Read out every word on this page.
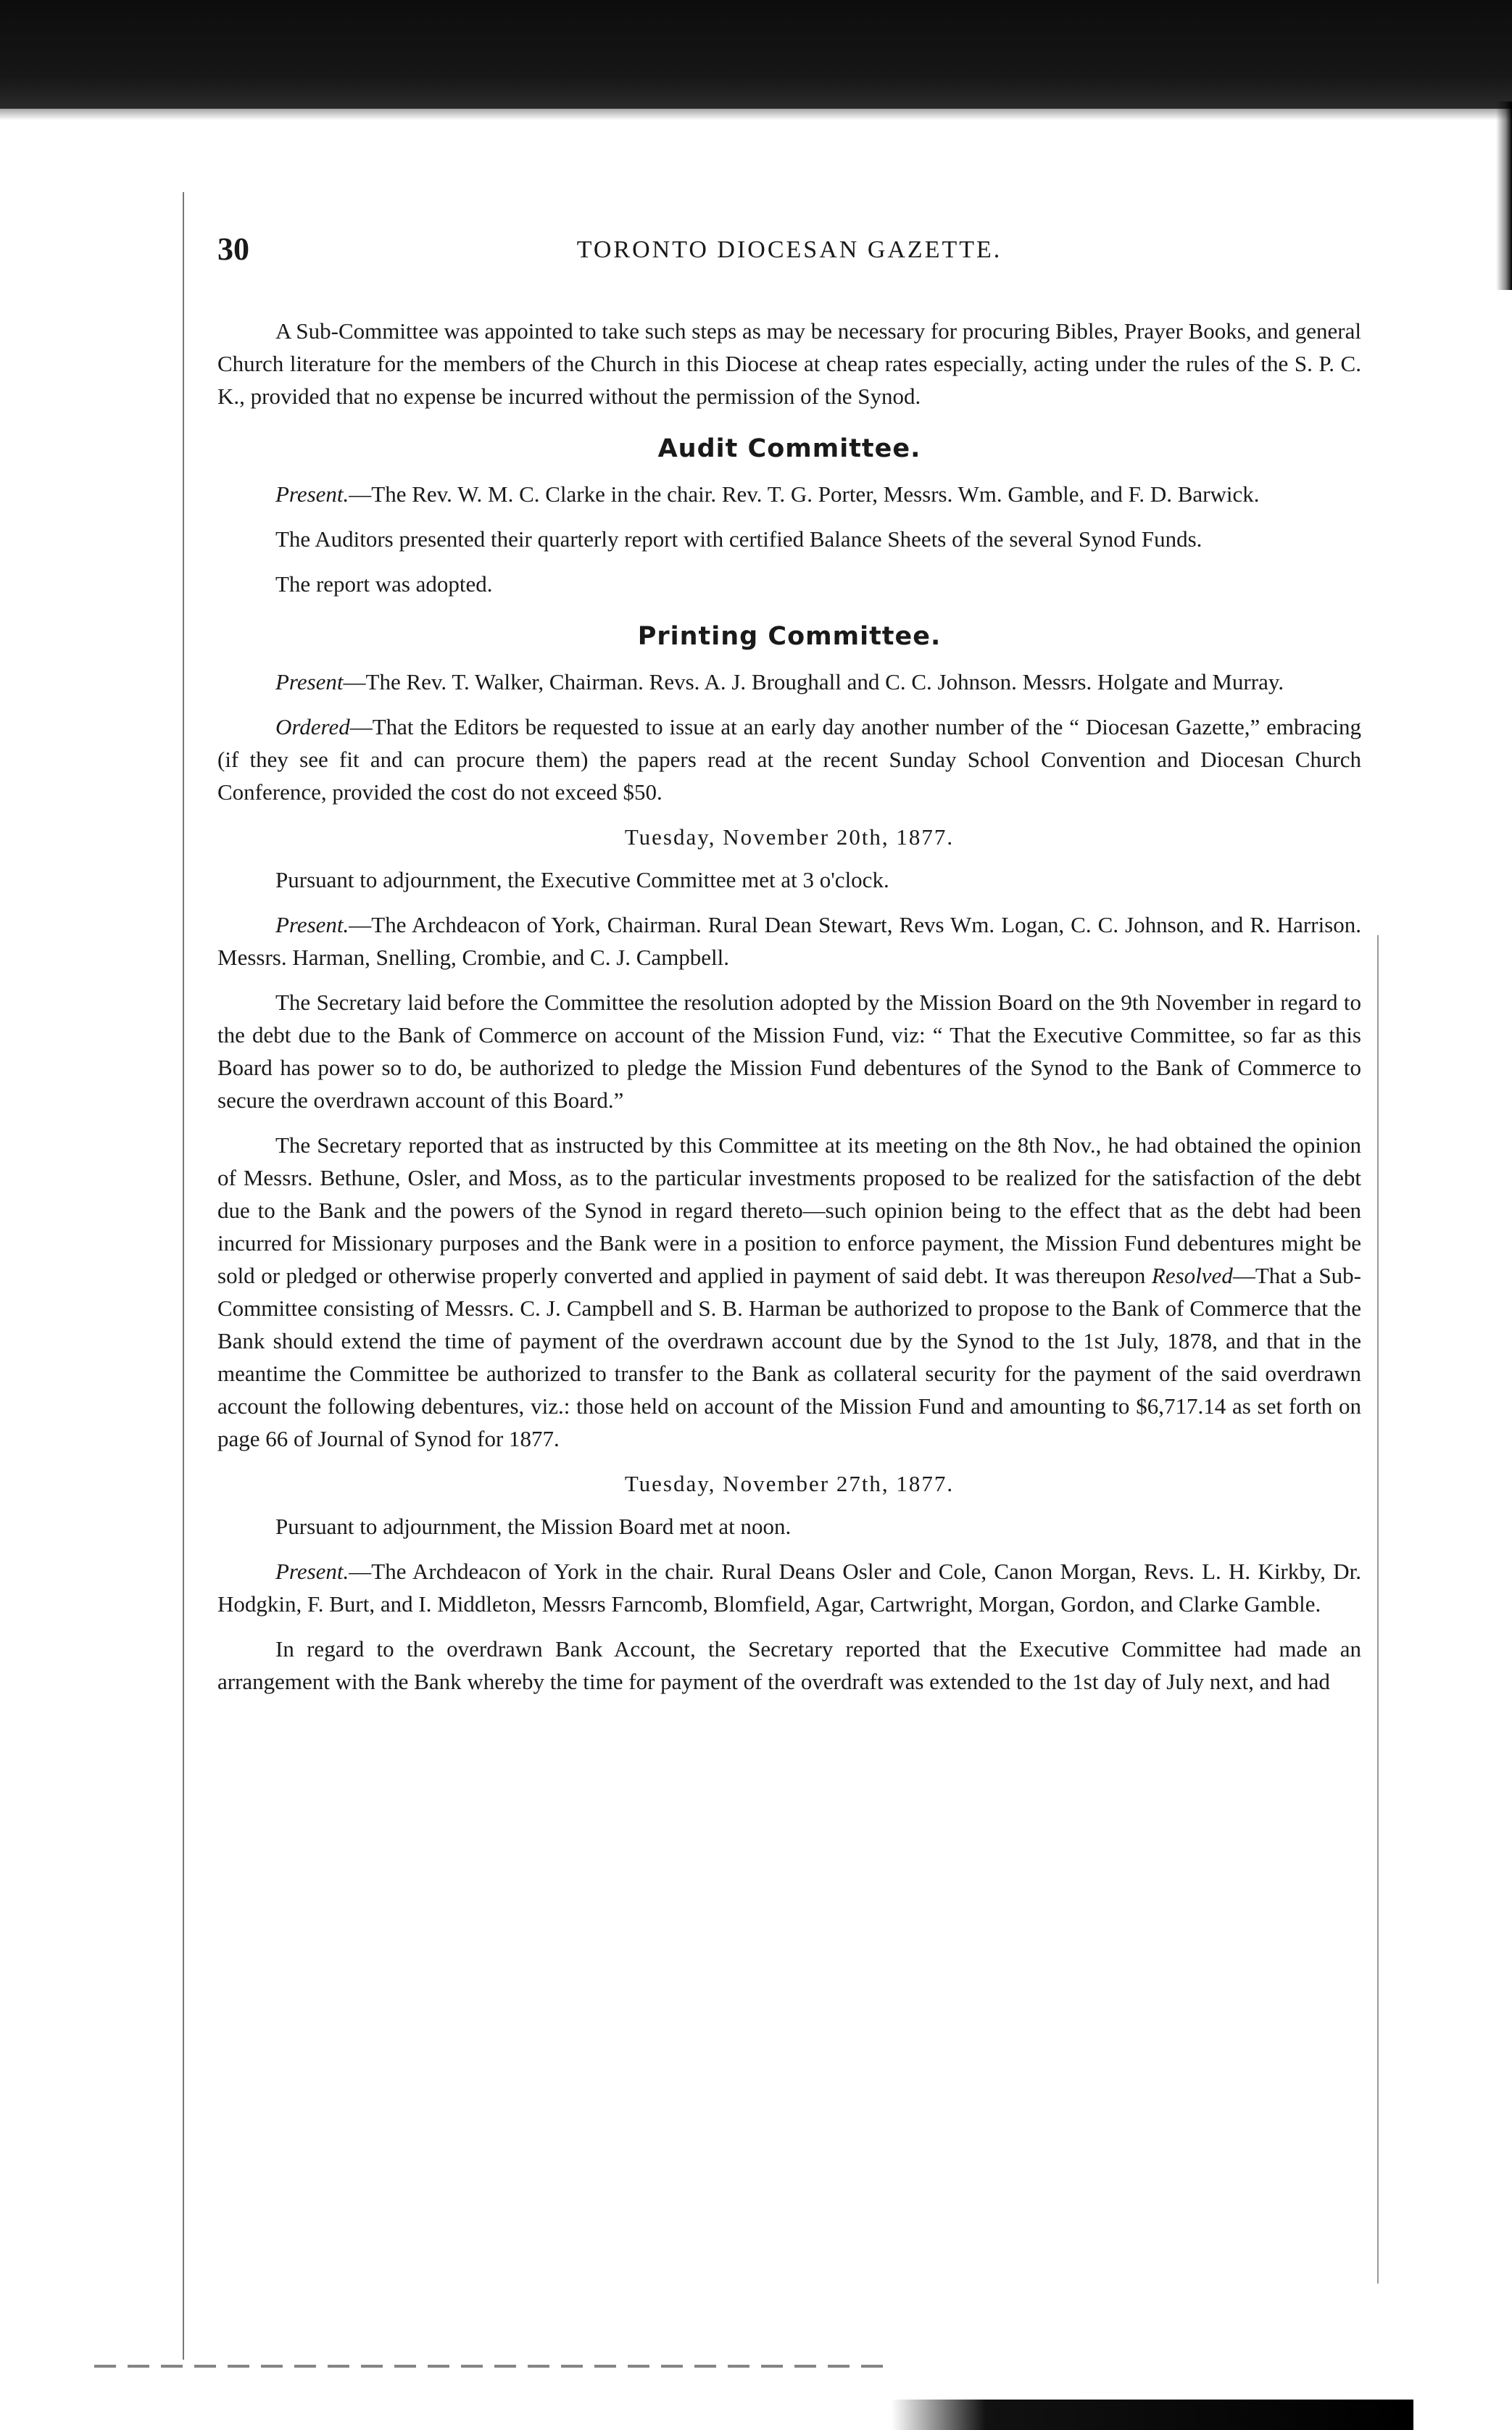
30	TORONTO DIOCESAN GAZETTE.

A Sub-Committee was appointed to take such steps as may be necessary for procuring Bibles, Prayer Books, and general Church literature for the members of the Church in this Diocese at cheap rates especially, acting under the rules of the S. P. C. K., provided that no expense be incurred without the permission of the Synod.

Audit Committee.

Present.—The Rev. W. M. C. Clarke in the chair. Rev. T. G. Porter, Messrs. Wm. Gamble, and F. D. Barwick.

The Auditors presented their quarterly report with certified Balance Sheets of the several Synod Funds.

The report was adopted.

Printing Committee.

Present—The Rev. T. Walker, Chairman. Revs. A. J. Broughall and C. C. Johnson. Messrs. Holgate and Murray.

Ordered—That the Editors be requested to issue at an early day another number of the “ Diocesan Gazette,” embracing (if they see fit and can procure them) the papers read at the recent Sunday School Convention and Diocesan Church Conference, provided the cost do not exceed $50.

Tuesday, November 20th, 1877.

Pursuant to adjournment, the Executive Committee met at 3 o'clock.

Present.—The Archdeacon of York, Chairman. Rural Dean Stewart, Revs Wm. Logan, C. C. Johnson, and R. Harrison. Messrs. Harman, Snelling, Crombie, and C. J. Campbell.

The Secretary laid before the Committee the resolution adopted by the Mission Board on the 9th November in regard to the debt due to the Bank of Commerce on account of the Mission Fund, viz: “ That the Executive Committee, so far as this Board has power so to do, be authorized to pledge the Mission Fund debentures of the Synod to the Bank of Commerce to secure the overdrawn account of this Board.”

The Secretary reported that as instructed by this Committee at its meeting on the 8th Nov., he had obtained the opinion of Messrs. Bethune, Osler, and Moss, as to the particular investments proposed to be realized for the satisfaction of the debt due to the Bank and the powers of the Synod in regard thereto—such opinion being to the effect that as the debt had been incurred for Missionary purposes and the Bank were in a position to enforce payment, the Mission Fund debentures might be sold or pledged or otherwise properly converted and applied in payment of said debt. It was thereupon Resolved—That a Sub-Committee consisting of Messrs. C. J. Campbell and S. B. Harman be authorized to propose to the Bank of Commerce that the Bank should extend the time of payment of the overdrawn account due by the Synod to the 1st July, 1878, and that in the meantime the Committee be authorized to transfer to the Bank as collateral security for the payment of the said overdrawn account the following debentures, viz.: those held on account of the Mission Fund and amounting to $6,717.14 as set forth on page 66 of Journal of Synod for 1877.

Tuesday, November 27th, 1877.

Pursuant to adjournment, the Mission Board met at noon.

Present.—The Archdeacon of York in the chair. Rural Deans Osler and Cole, Canon Morgan, Revs. L. H. Kirkby, Dr. Hodgkin, F. Burt, and I. Middleton, Messrs Farncomb, Blomfield, Agar, Cartwright, Morgan, Gordon, and Clarke Gamble.

In regard to the overdrawn Bank Account, the Secretary reported that the Executive Committee had made an arrangement with the Bank whereby the time for payment of the overdraft was extended to the 1st day of July next, and had
